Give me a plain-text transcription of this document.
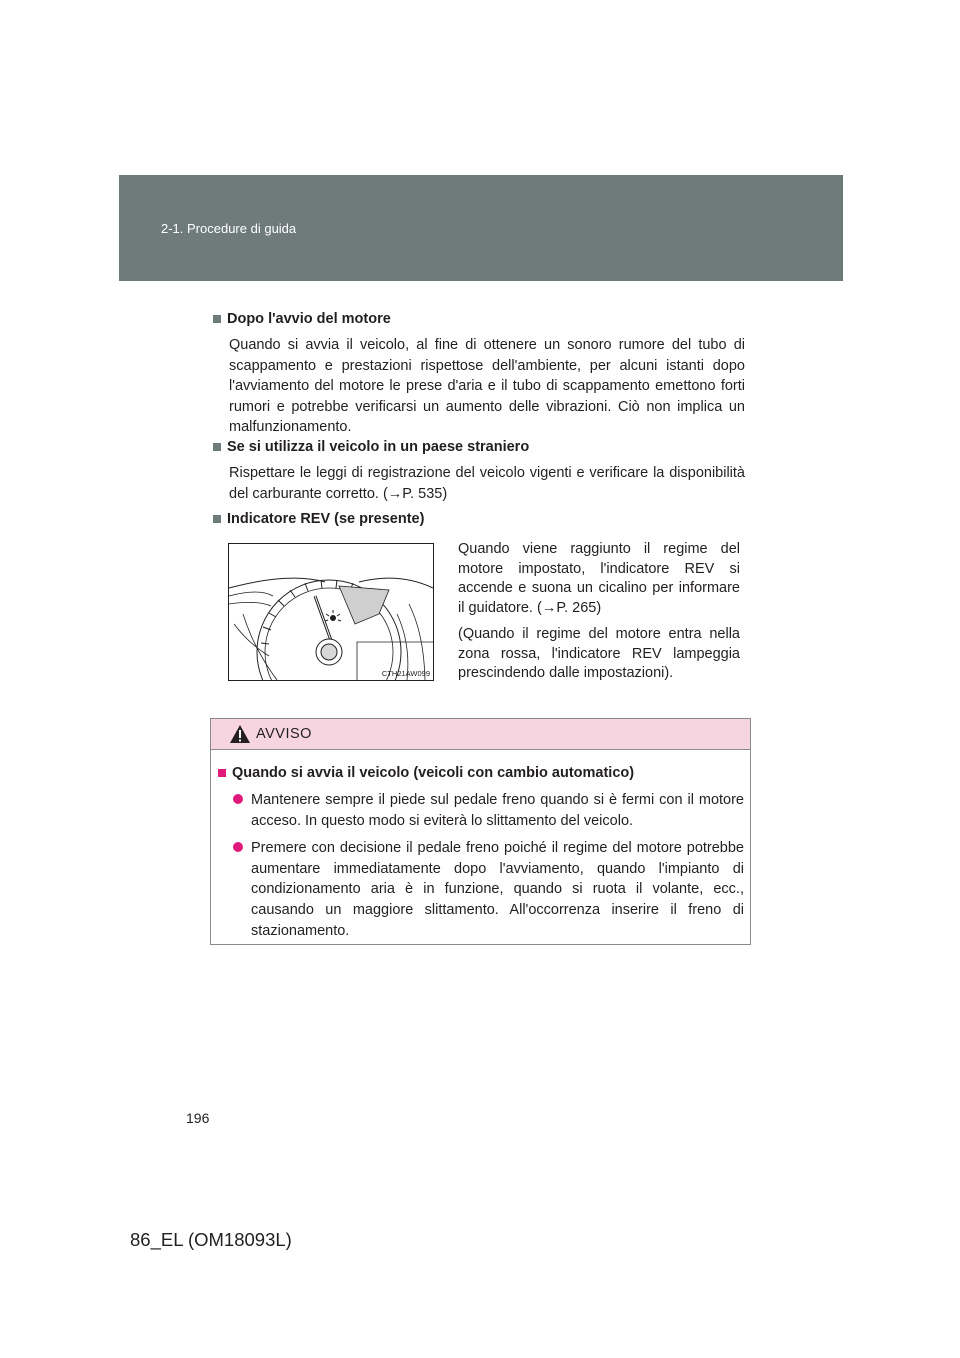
2-1. Procedure di guida
Dopo l'avvio del motore
Quando si avvia il veicolo, al fine di ottenere un sonoro rumore del tubo di scappamento e prestazioni rispettose dell'ambiente, per alcuni istanti dopo l'avviamento del motore le prese d'aria e il tubo di scappamento emettono forti rumori e potrebbe verificarsi un aumento delle vibrazioni. Ciò non implica un malfunzionamento.
Se si utilizza il veicolo in un paese straniero
Rispettare le leggi di registrazione del veicolo vigenti e verificare la disponibilità del carburante corretto. (→P. 535)
Indicatore REV (se presente)
CTH21AW099
Quando viene raggiunto il regime del motore impostato, l'indicatore REV si accende e suona un cicalino per informare il guidatore. (→P. 265)
(Quando il regime del motore entra nella zona rossa, l'indicatore REV lampeggia prescindendo dalle impostazioni).
AVVISO
Quando si avvia il veicolo (veicoli con cambio automatico)
Mantenere sempre il piede sul pedale freno quando si è fermi con il motore acceso. In questo modo si eviterà lo slittamento del veicolo.
Premere con decisione il pedale freno poiché il regime del motore potrebbe aumentare immediatamente dopo l'avviamento, quando l'impianto di condizionamento aria è in funzione, quando si ruota il volante, ecc., causando un maggiore slittamento. All'occorrenza inserire il freno di stazionamento.
196
86_EL (OM18093L)
